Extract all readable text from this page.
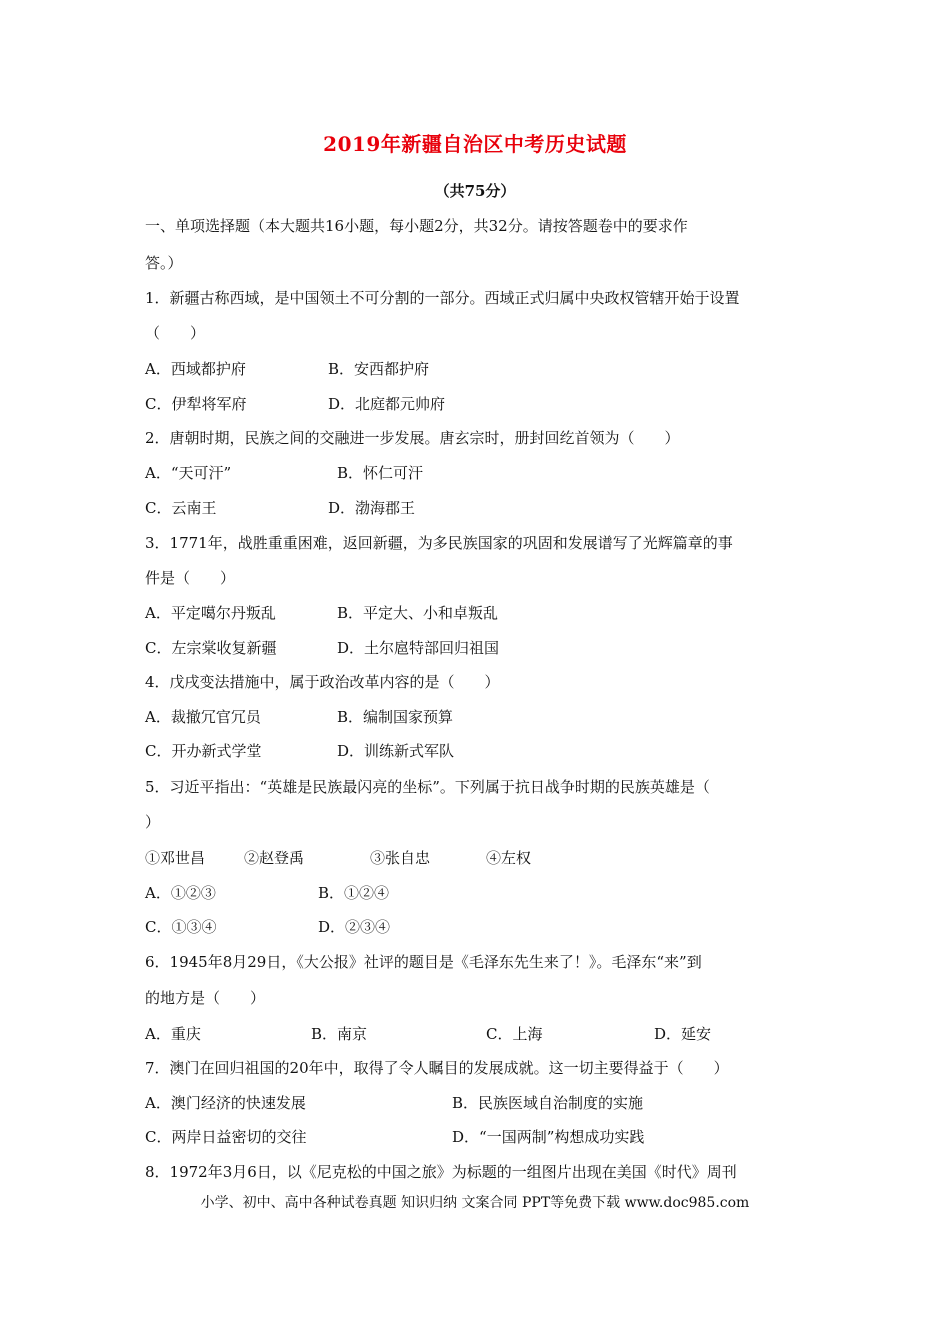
2019年新疆自治区中考历史试题
（共75分）
一、单项选择题（本大题共16小题，每小题2分，共32分。请按答题卷中的要求作
答。）
1．新疆古称西域，是中国领土不可分割的一部分。西域正式归属中央政权管辖开始于设置
（　　）
A．西域都护府	B．安西都护府
C．伊犁将军府	D．北庭都元帅府
2．唐朝时期，民族之间的交融进一步发展。唐玄宗时，册封回纥首领为（　　）
A．“天可汗”	B．怀仁可汗
C．云南王	D．渤海郡王
3．1771年，战胜重重困难，返回新疆，为多民族国家的巩固和发展谱写了光辉篇章的事
件是（　　）
A．平定噶尔丹叛乱	B．平定大、小和卓叛乱
C．左宗棠收复新疆	D．土尔扈特部回归祖国
4．戊戌变法措施中，属于政治改革内容的是（　　）
A．裁撤冗官冗员	B．编制国家预算
C．开办新式学堂	D．训练新式军队
5．习近平指出：“英雄是民族最闪亮的坐标”。下列属于抗日战争时期的民族英雄是（
）
①邓世昌	②赵登禹	③张自忠	④左权
A．①②③	B．①②④
C．①③④	D．②③④
6．1945年8月29日，《大公报》社评的题目是《毛泽东先生来了！》。毛泽东“来”到
的地方是（　　）
A．重庆	B．南京	C．上海	D．延安
7．澳门在回归祖国的20年中，取得了令人瞩目的发展成就。这一切主要得益于（　　）
A．澳门经济的快速发展	B．民族医域自治制度的实施
C．两岸日益密切的交往	D．“一国两制”构想成功实践
8．1972年3月6日，以《尼克松的中国之旅》为标题的一组图片出现在美国《时代》周刊
小学、初中、高中各种试卷真题 知识归纳 文案合同 PPT等免费下载 www.doc985.com
